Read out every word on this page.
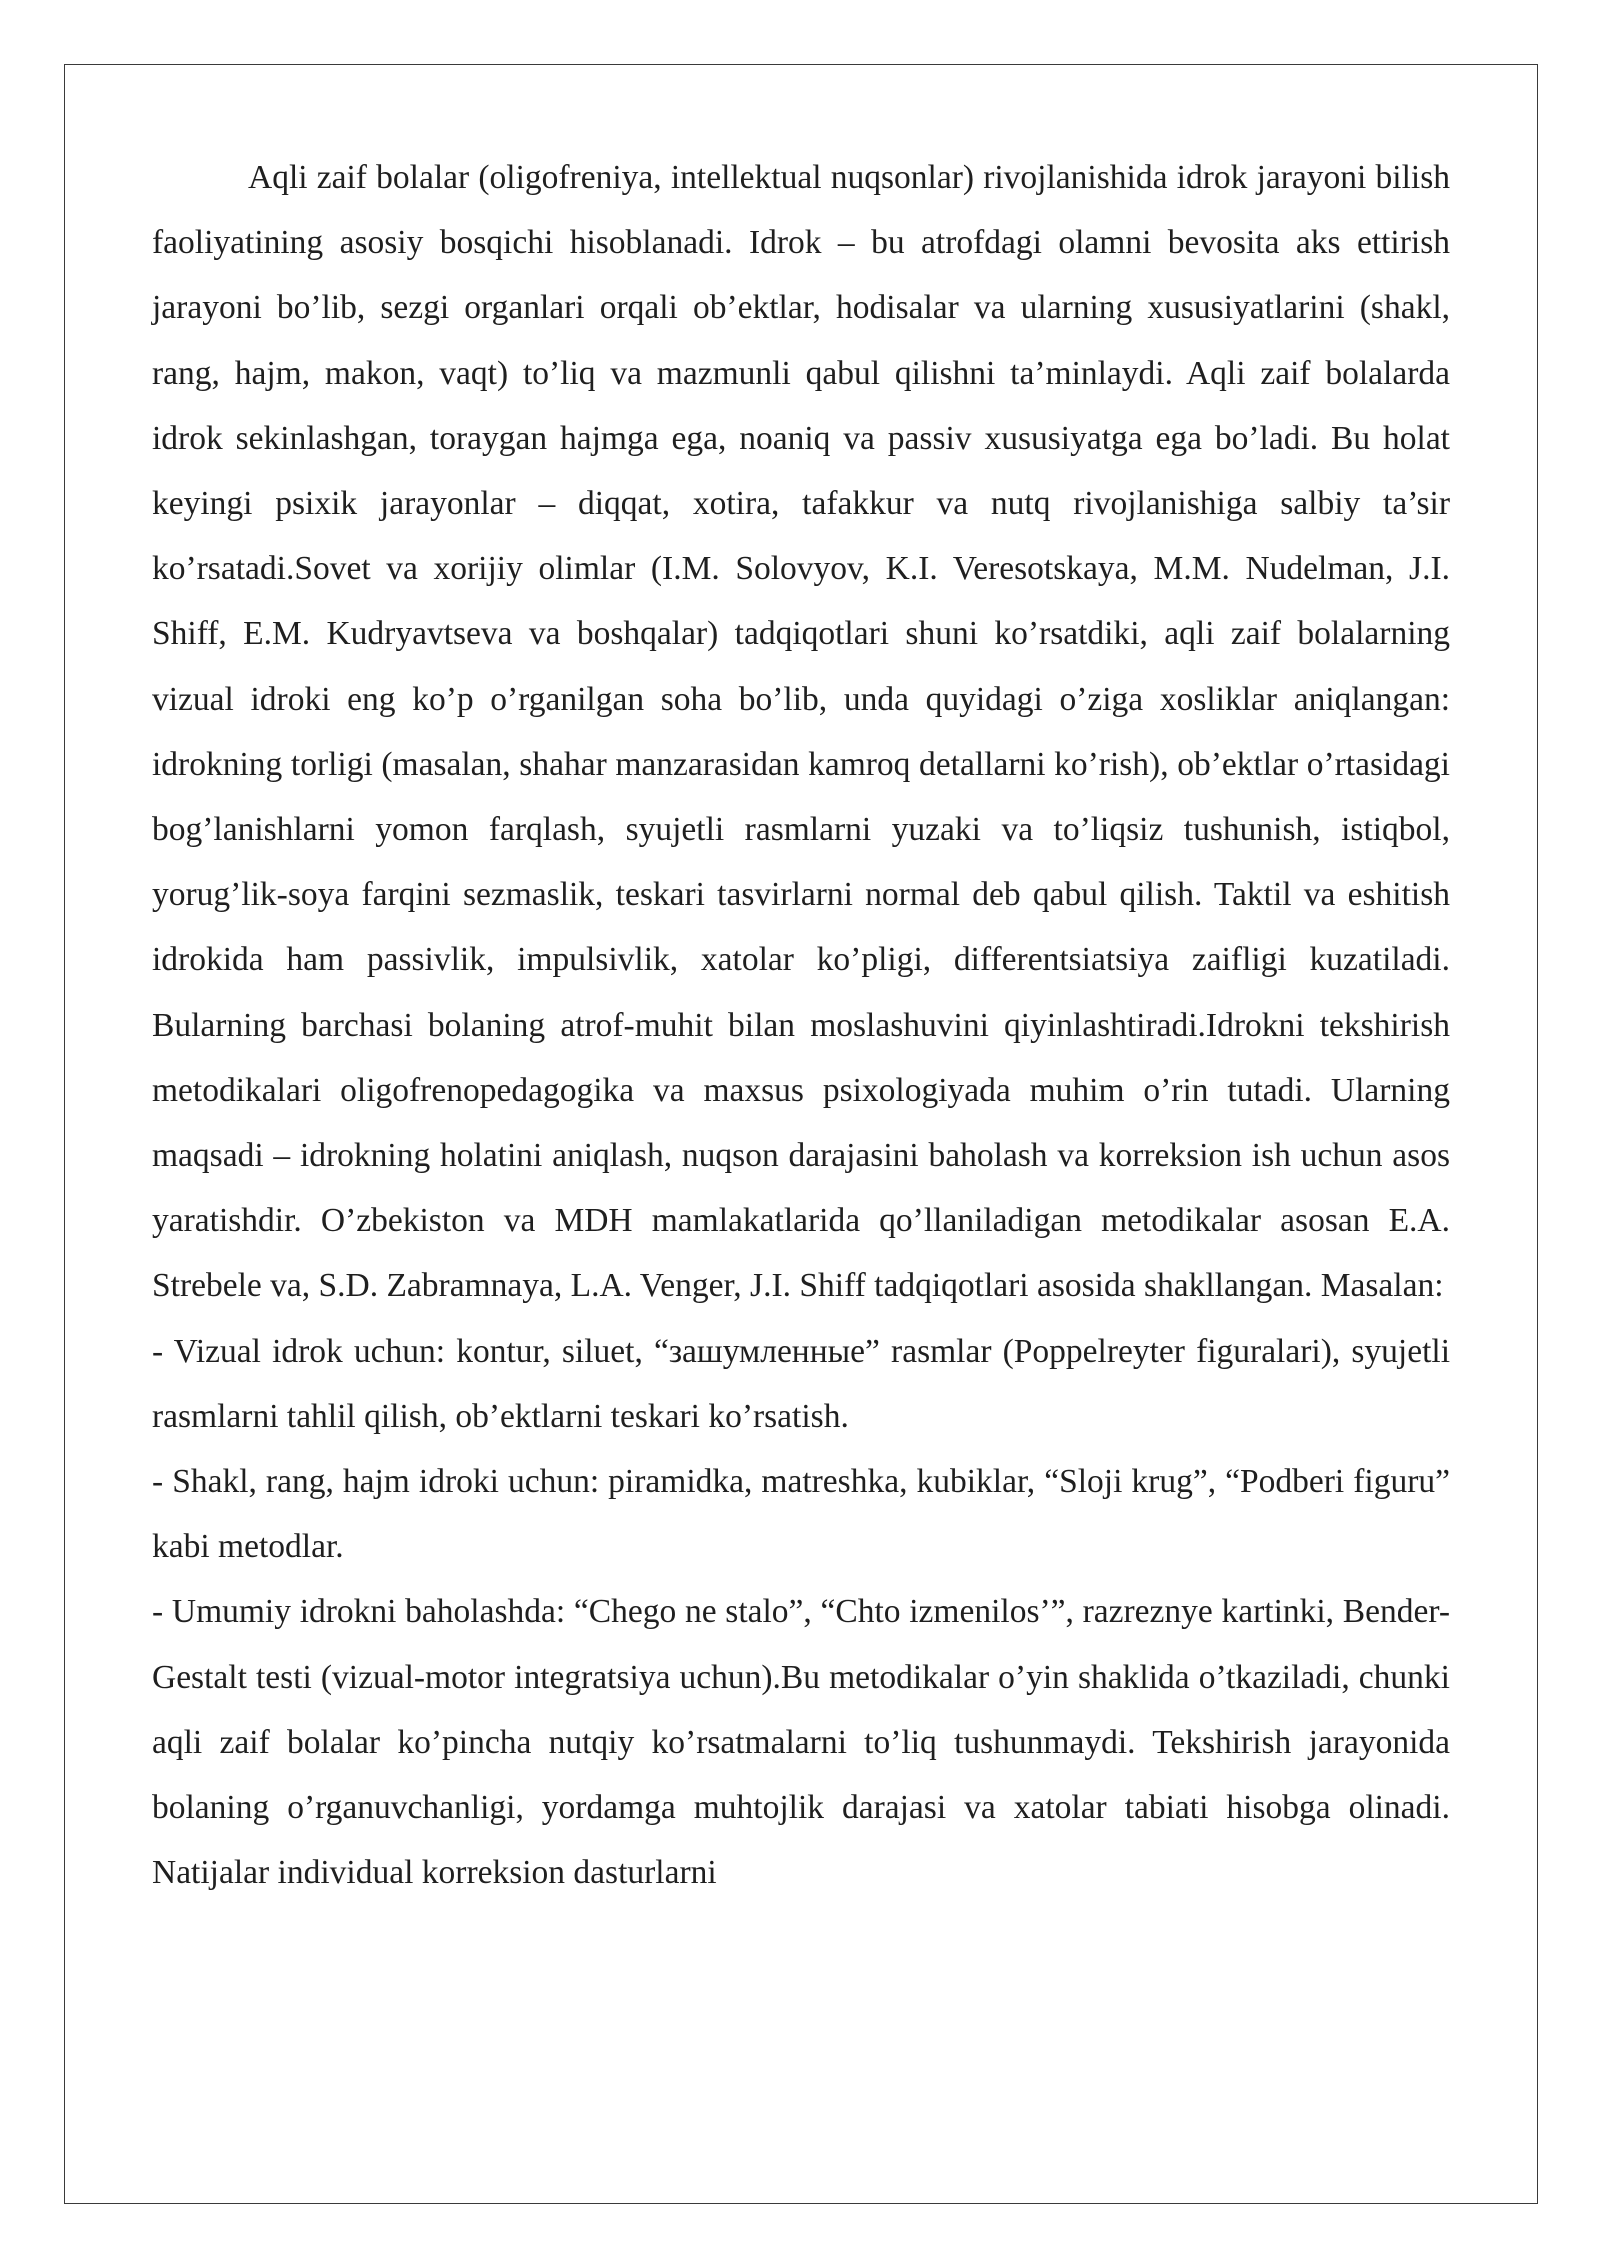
Aqli zaif bolalar (oligofreniya, intellektual nuqsonlar) rivojlanishida idrok jarayoni bilish faoliyatining asosiy bosqichi hisoblanadi. Idrok – bu atrofdagi olamni bevosita aks ettirish jarayoni bo’lib, sezgi organlari orqali ob’ektlar, hodisalar va ularning xususiyatlarini (shakl, rang, hajm, makon, vaqt) to’liq va mazmunli qabul qilishni ta’minlaydi. Aqli zaif bolalarda idrok sekinlashgan, toraygan hajmga ega, noaniq va passiv xususiyatga ega bo’ladi. Bu holat keyingi psixik jarayonlar – diqqat, xotira, tafakkur va nutq rivojlanishiga salbiy ta’sir ko’rsatadi.Sovet va xorijiy olimlar (I.M. Solovyov, K.I. Veresotskaya, M.M. Nudelman, J.I. Shiff, E.M. Kudryavtseva va boshqalar) tadqiqotlari shuni ko’rsatdiki, aqli zaif bolalarning vizual idroki eng ko’p o’rganilgan soha bo’lib, unda quyidagi o’ziga xosliklar aniqlangan: idrokning torligi (masalan, shahar manzarasidan kamroq detallarni ko’rish), ob’ektlar o’rtasidagi bog’lanishlarni yomon farqlash, syujetli rasmlarni yuzaki va to’liqsiz tushunish, istiqbol, yorug’lik-soya farqini sezmaslik, teskari tasvirlarni normal deb qabul qilish. Taktil va eshitish idrokida ham passivlik, impulsivlik, xatolar ko’pligi, differentsiatsiya zaifligi kuzatiladi. Bularning barchasi bolaning atrof-muhit bilan moslashuvini qiyinlashtiradi.Idrokni tekshirish metodikalari oligofrenopedagogika va maxsus psixologiyada muhim o’rin tutadi. Ularning maqsadi – idrokning holatini aniqlash, nuqson darajasini baholash va korreksion ish uchun asos yaratishdir. O’zbekiston va MDH mamlakatlarida qo’llaniladigan metodikalar asosan E.A. Strebele va, S.D. Zabramnaya, L.A. Venger, J.I. Shiff tadqiqotlari asosida shakllangan. Masalan:

- Vizual idrok uchun: kontur, siluet, “зашумленные” rasmlar (Poppelreyter figuralari), syujetli rasmlarni tahlil qilish, ob’ektlarni teskari ko’rsatish.

- Shakl, rang, hajm idroki uchun: piramidka, matreshka, kubiklar, “Sloji krug”, “Podberi figuru” kabi metodlar.

- Umumiy idrokni baholashda: “Chego ne stalo”, “Chto izmenilos’”, razreznye kartinki, Bender-Gestalt testi (vizual-motor integratsiya uchun).Bu metodikalar o’yin shaklida o’tkaziladi, chunki aqli zaif bolalar ko’pincha nutqiy ko’rsatmalarni to’liq tushunmaydi. Tekshirish jarayonida bolaning o’rganuvchanligi, yordamga muhtojlik darajasi va xatolar tabiati hisobga olinadi. Natijalar individual korreksion dasturlarni
